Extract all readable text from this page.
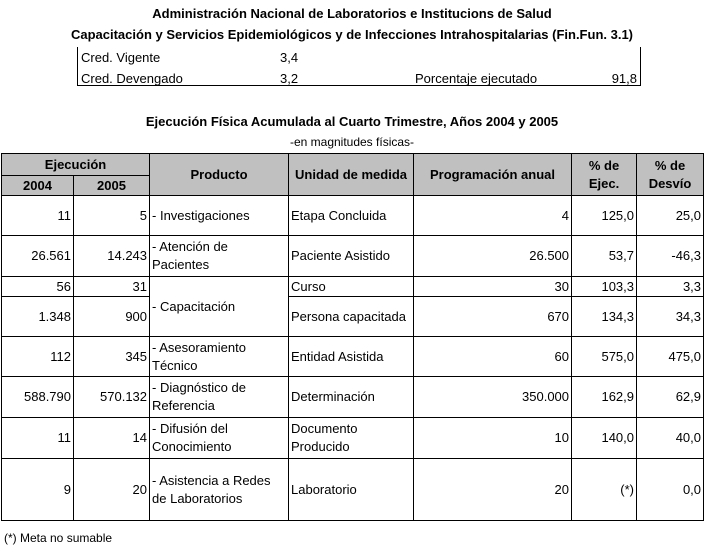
Administración Nacional de Laboratorios e Institucions de Salud
Capacitación y Servicios Epidemiológicos y de Infecciones Intrahospitalarias (Fin.Fun. 3.1)
Cred. Vigente	3,4
Cred. Devengado	3,2	Porcentaje ejecutado	91,8
Ejecución Física Acumulada al Cuarto Trimestre, Años 2004 y 2005
-en magnitudes físicas-
Ejecución		Producto	Unidad de medida	Programación anual	% de Ejec.	% de Desvío
2004	2005					
11	5	- Investigaciones	Etapa Concluida	4	125,0	25,0
26.561	14.243	- Atención de Pacientes	Paciente Asistido	26.500	53,7	-46,3
56	31	- Capacitación	Curso	30	103,3	3,3
1.348	900		Persona capacitada	670	134,3	34,3
112	345	- Asesoramiento Técnico	Entidad Asistida	60	575,0	475,0
588.790	570.132	- Diagnóstico de Referencia	Determinación	350.000	162,9	62,9
11	14	- Difusión del Conocimiento	Documento Producido	10	140,0	40,0
9	20	- Asistencia a Redes de Laboratorios	Laboratorio	20	(*)	0,0
(*) Meta no sumable
